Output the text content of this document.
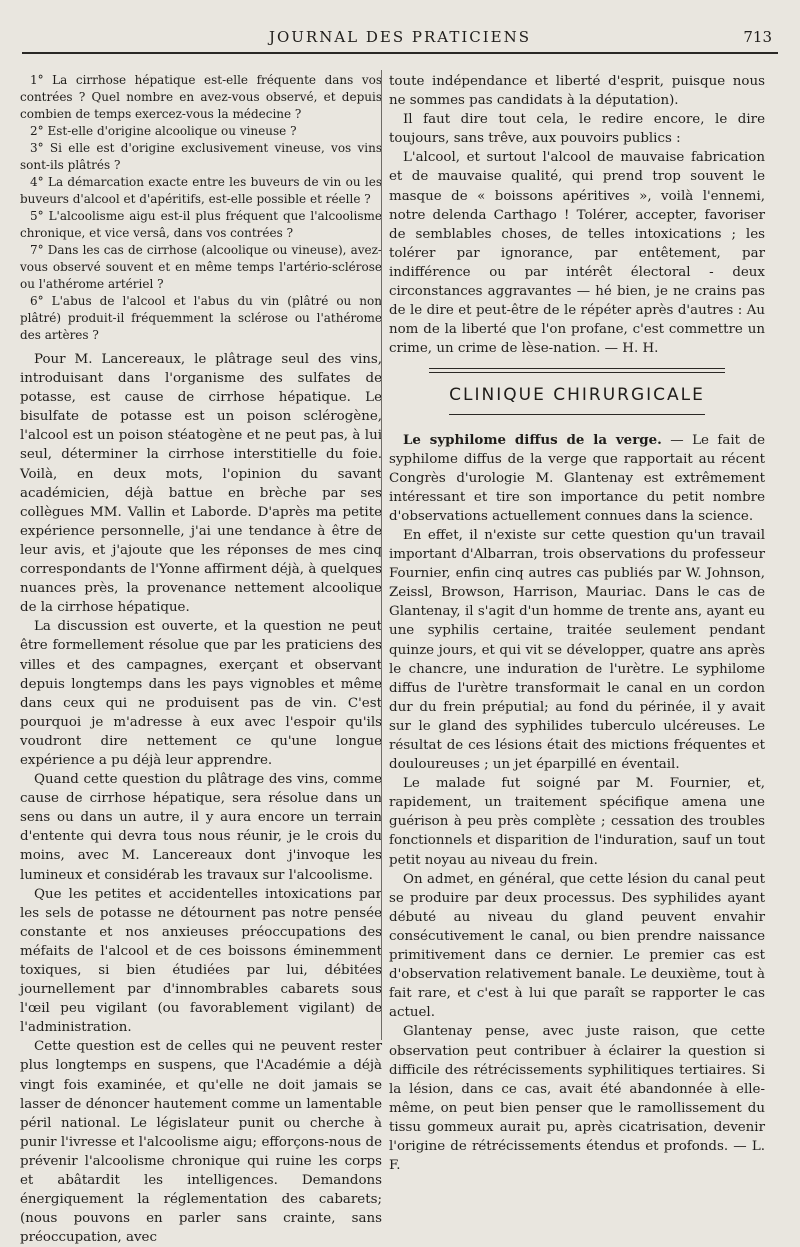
JOURNAL DES PRATICIENS	713

1° La cirrhose hépatique est-elle fréquente dans vos contrées ? Quel nombre en avez-vous observé, et depuis combien de temps exercez-vous la médecine ?

2° Est-elle d'origine alcoolique ou vineuse ?

3° Si elle est d'origine exclusivement vineuse, vos vins sont-ils plâtrés ?

4° La démarcation exacte entre les buveurs de vin ou les buveurs d'alcool et d'apéritifs, est-elle possible et réelle ?

5° L'alcoolisme aigu est-il plus fréquent que l'alcoolisme chronique, et vice versâ, dans vos contrées ?

7° Dans les cas de cirrhose (alcoolique ou vineuse), avez-vous observé souvent et en même temps l'artério-sclérose ou l'athérome artériel ?

6° L'abus de l'alcool et l'abus du vin (plâtré ou non plâtré) produit-il fréquemment la sclérose ou l'athérome des artères ?

Pour M. Lancereaux, le plâtrage seul des vins, introduisant dans l'organisme des sulfates de potasse, est cause de cirrhose hépatique. Le bisulfate de potasse est un poison sclérogène, l'alcool est un poison stéatogène et ne peut pas, à lui seul, déterminer la cirrhose interstitielle du foie. Voilà, en deux mots, l'opinion du savant académicien, déjà battue en brèche par ses collègues MM. Vallin et Laborde. D'après ma petite expérience personnelle, j'ai une tendance à être de leur avis, et j'ajoute que les réponses de mes cinq correspondants de l'Yonne affirment déjà, à quelques nuances près, la provenance nettement alcoolique de la cirrhose hépatique.

La discussion est ouverte, et la question ne peut être formellement résolue que par les praticiens des villes et des campagnes, exerçant et observant depuis longtemps dans les pays vignobles et même dans ceux qui ne produisent pas de vin. C'est pourquoi je m'adresse à eux avec l'espoir qu'ils voudront dire nettement ce qu'une longue expérience a pu déjà leur apprendre.

Quand cette question du plâtrage des vins, comme cause de cirrhose hépatique, sera résolue dans un sens ou dans un autre, il y aura encore un terrain d'entente qui devra tous nous réunir, je le crois du moins, avec M. Lancereaux dont j'invoque les lumineux et considérab les travaux sur l'alcoolisme.

Que les petites et accidentelles intoxications par les sels de potasse ne détournent pas notre pensée constante et nos anxieuses préoccupations des méfaits de l'alcool et de ces boissons éminemment toxiques, si bien étudiées par lui, débitées journellement par d'innombrables cabarets sous l'œil peu vigilant (ou favorablement vigilant) de l'administration.

Cette question est de celles qui ne peuvent rester plus longtemps en suspens, que l'Académie a déjà vingt fois examinée, et qu'elle ne doit jamais se lasser de dénoncer hautement comme un lamentable péril national. Le législateur punit ou cherche à punir l'ivresse et l'alcoolisme aigu; efforçons-nous de prévenir l'alcoolisme chronique qui ruine les corps et abâtardit les intelligences. Demandons énergiquement la réglementation des cabarets; (nous pouvons en parler sans crainte, sans préoccupation, avec

toute indépendance et liberté d'esprit, puisque nous ne sommes pas candidats à la députation).

Il faut dire tout cela, le redire encore, le dire toujours, sans trêve, aux pouvoirs publics :

L'alcool, et surtout l'alcool de mauvaise fabrication et de mauvaise qualité, qui prend trop souvent le masque de « boissons apéritives », voilà l'ennemi, notre delenda Carthago ! Tolérer, accepter, favoriser de semblables choses, de telles intoxications ; les tolérer par ignorance, par entêtement, par indifférence ou par intérêt électoral - deux circonstances aggravantes — hé bien, je ne crains pas de le dire et peut-être de le répéter après d'autres : Au nom de la liberté que l'on profane, c'est commettre un crime, un crime de lèse-nation. — H. H.

CLINIQUE CHIRURGICALE

Le syphilome diffus de la verge. — Le fait de syphilome diffus de la verge que rapportait au récent Congrès d'urologie M. Glantenay est extrêmement intéressant et tire son importance du petit nombre d'observations actuellement connues dans la science.

En effet, il n'existe sur cette question qu'un travail important d'Albarran, trois observations du professeur Fournier, enfin cinq autres cas publiés par W. Johnson, Zeissl, Browson, Harrison, Mauriac. Dans le cas de Glantenay, il s'agit d'un homme de trente ans, ayant eu une syphilis certaine, traitée seulement pendant quinze jours, et qui vit se développer, quatre ans après le chancre, une induration de l'urètre. Le syphilome diffus de l'urètre transformait le canal en un cordon dur du frein préputial; au fond du périnée, il y avait sur le gland des syphilides tuberculo ulcéreuses. Le résultat de ces lésions était des mictions fréquentes et douloureuses ; un jet éparpillé en éventail.

Le malade fut soigné par M. Fournier, et, rapidement, un traitement spécifique amena une guérison à peu près complète ; cessation des troubles fonctionnels et disparition de l'induration, sauf un tout petit noyau au niveau du frein.

On admet, en général, que cette lésion du canal peut se produire par deux processus. Des syphilides ayant débuté au niveau du gland peuvent envahir consécutivement le canal, ou bien prendre naissance primitivement dans ce dernier. Le premier cas est d'observation relativement banale. Le deuxième, tout à fait rare, et c'est à lui que paraît se rapporter le cas actuel.

Glantenay pense, avec juste raison, que cette observation peut contribuer à éclairer la question si difficile des rétrécissements syphilitiques tertiaires. Si la lésion, dans ce cas, avait été abandonnée à elle-même, on peut bien penser que le ramollissement du tissu gommeux aurait pu, après cicatrisation, devenir l'origine de rétrécissements étendus et profonds. — L. F.
